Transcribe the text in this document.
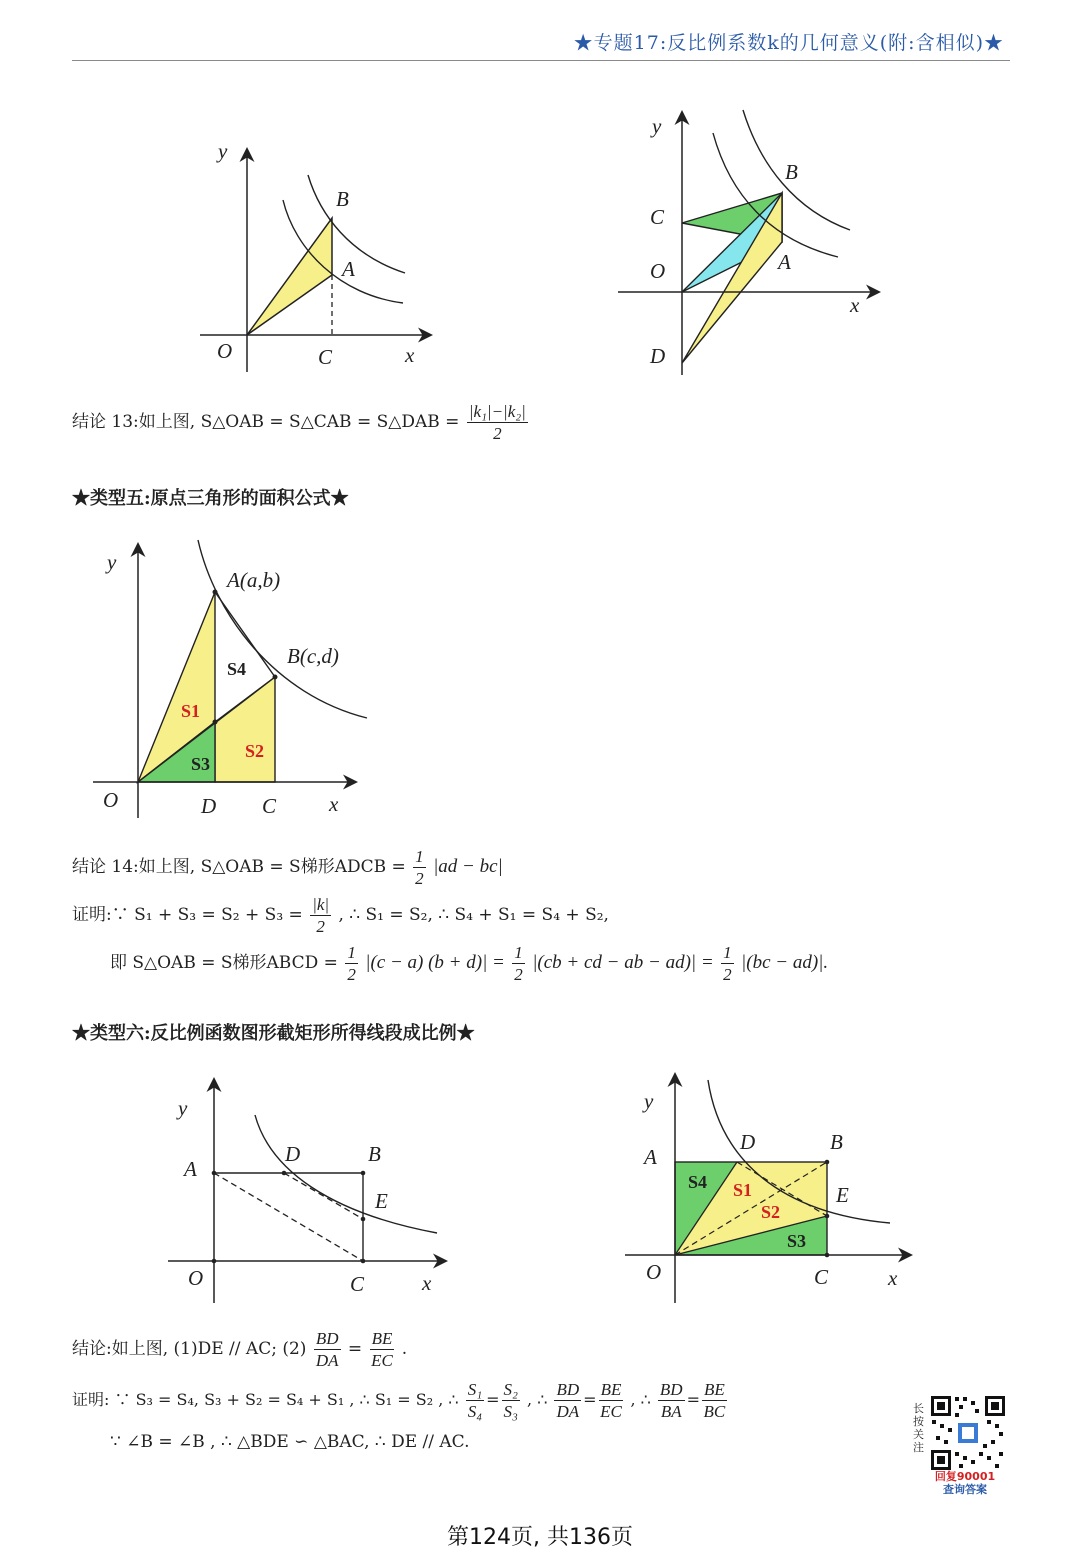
★专题17:反比例系数k的几何意义(附:含相似)★
y
x
O	C
B
A
y
x
C
O
D
B
A
结论 13:如上图, S△OAB = S△CAB = S△DAB = $\frac{\text{|k₁|−|k₂|}}{2}$
★类型五:原点三角形的面积公式★
y
x
O	D C
A(a,b)
B(c,d)
S1
S2
S3
S4
结论 14:如上图, S△OAB = S梯形ADCB = $\frac{1}{2} |ad - bc|$
证明:∵ $S_1 + S_3 = S_2 + S_3 = \frac{|k|}{2}$ , ∴ S₁ = S₂, ∴ S₄ + S₁ = S₄ + S₂,
即 S△OAB = S梯形ABCD = $\frac{1}{2} |(c - a) (b + d)| = \frac{1}{2} |(cb$ + cd − ab − $ad)| = \frac{1}{2} |(bc - ad)|$.
★类型六:反比例函数图形截矩形所得线段成比例★
y
x
A
O
D	B
E
C
y
x
A
O
D	B
E
C
S4 S1
S2
S3
结论:如上图, (1)DE // AC; $(2) \frac{BD}{DA} = \frac{BE}{EC}$ .
证明: ∵ S₃ = S₄, S₃ + S₂ = S₄ + S₁ , ∴ S₁ = S₂ , ∴ $\frac{\text{S₁}}{\text{S₄}} = \frac{\text{S₂}}{\text{S₃}}$ , ∴ $\frac{BD}{DA} = \frac{BE}{EC}$ , ∴ $\frac{BD}{BA} = \frac{BE}{BC}$
∵ ∠B = ∠B , ∴ △BDE ∽ △BAC, ∴ DE // AC.
长按关注
回复90001
查询答案
第124页, 共136页
